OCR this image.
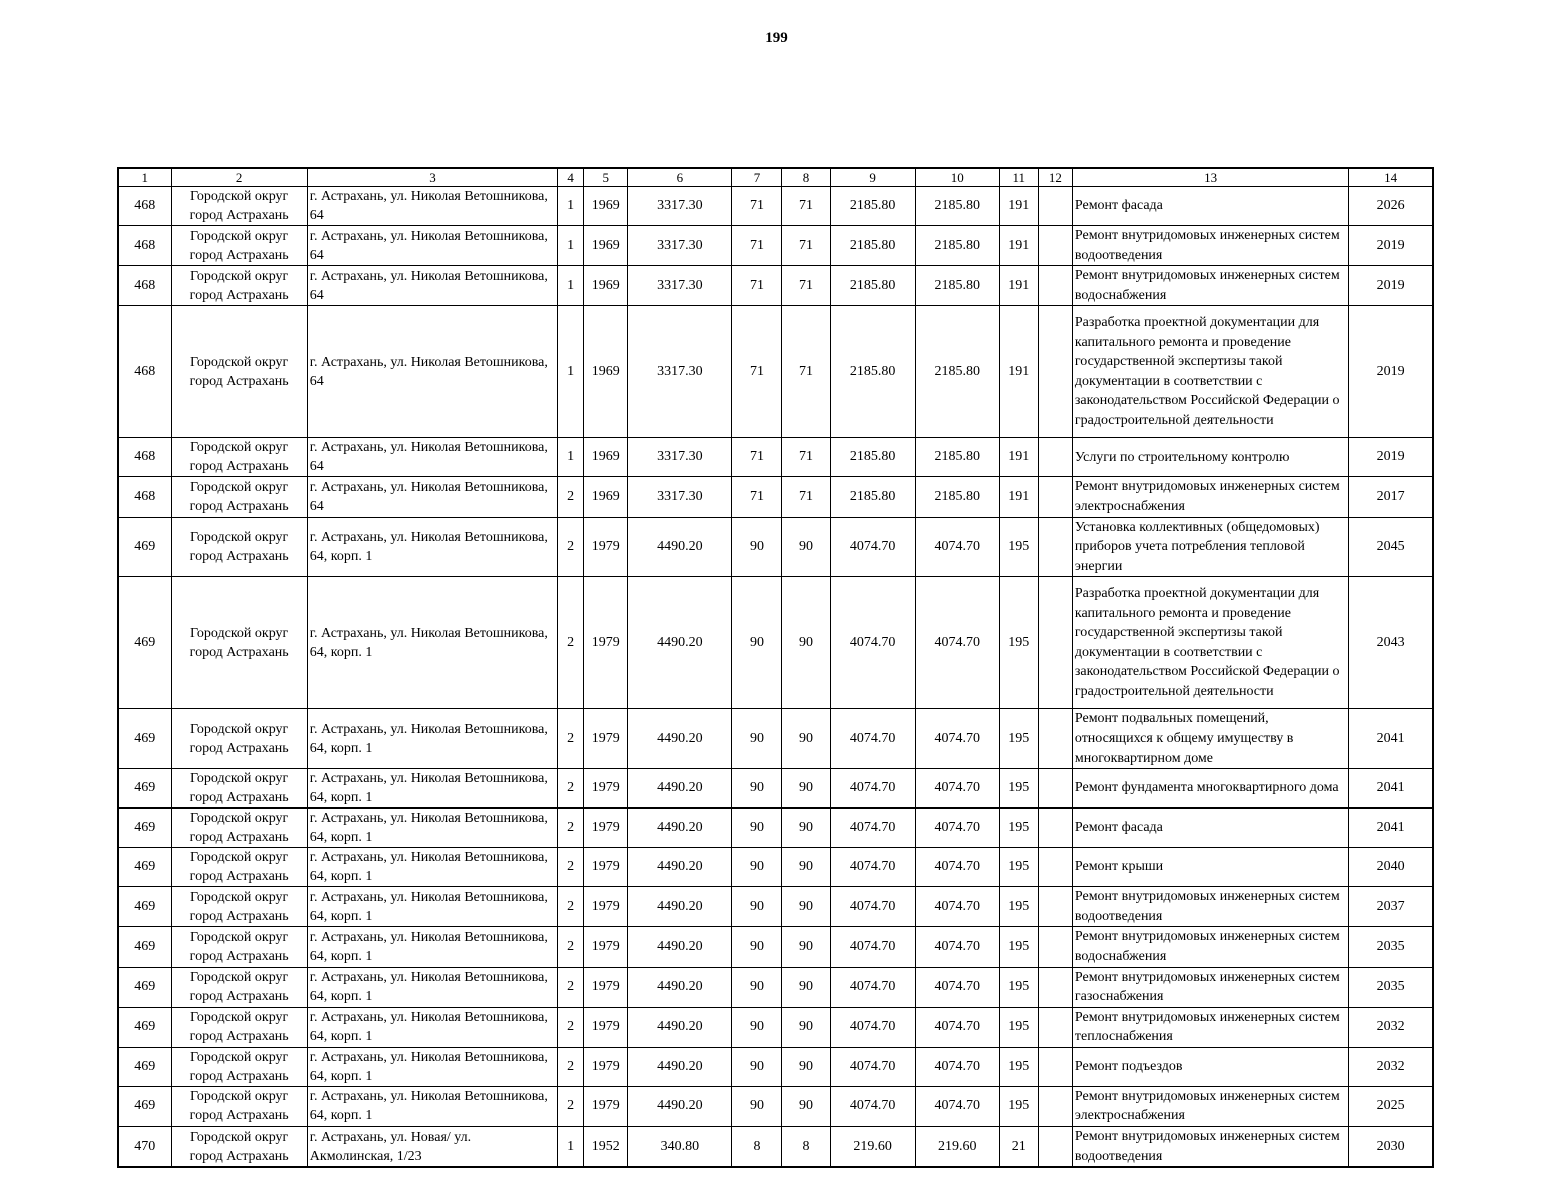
199
1	2	3	4	5	6	7	8	9	10	11	12	13	14
468	Городской округ город Астрахань	г. Астрахань, ул. Николая Ветошникова, 64	1	1969	3317.30	71	71	2185.80	2185.80	191		Ремонт фасада	2026
468	Городской округ город Астрахань	г. Астрахань, ул. Николая Ветошникова, 64	1	1969	3317.30	71	71	2185.80	2185.80	191		Ремонт внутридомовых инженерных систем водоотведения	2019
468	Городской округ город Астрахань	г. Астрахань, ул. Николая Ветошникова, 64	1	1969	3317.30	71	71	2185.80	2185.80	191		Ремонт внутридомовых инженерных систем водоснабжения	2019
468	Городской округ город Астрахань	г. Астрахань, ул. Николая Ветошникова, 64	1	1969	3317.30	71	71	2185.80	2185.80	191		Разработка проектной документации для капитального ремонта и проведение государственной экспертизы такой документации в соответствии с законодательством Российской Федерации о градостроительной деятельности	2019
468	Городской округ город Астрахань	г. Астрахань, ул. Николая Ветошникова, 64	1	1969	3317.30	71	71	2185.80	2185.80	191		Услуги по строительному контролю	2019
468	Городской округ город Астрахань	г. Астрахань, ул. Николая Ветошникова, 64	2	1969	3317.30	71	71	2185.80	2185.80	191		Ремонт внутридомовых инженерных систем электроснабжения	2017
469	Городской округ город Астрахань	г. Астрахань, ул. Николая Ветошникова, 64, корп. 1	2	1979	4490.20	90	90	4074.70	4074.70	195		Установка коллективных (общедомовых) приборов учета потребления тепловой энергии	2045
469	Городской округ город Астрахань	г. Астрахань, ул. Николая Ветошникова, 64, корп. 1	2	1979	4490.20	90	90	4074.70	4074.70	195		Разработка проектной документации для капитального ремонта и проведение государственной экспертизы такой документации в соответствии с законодательством Российской Федерации о градостроительной деятельности	2043
469	Городской округ город Астрахань	г. Астрахань, ул. Николая Ветошникова, 64, корп. 1	2	1979	4490.20	90	90	4074.70	4074.70	195		Ремонт подвальных помещений, относящихся к общему имуществу в многоквартирном доме	2041
469	Городской округ город Астрахань	г. Астрахань, ул. Николая Ветошникова, 64, корп. 1	2	1979	4490.20	90	90	4074.70	4074.70	195		Ремонт фундамента многоквартирного дома	2041
469	Городской округ город Астрахань	г. Астрахань, ул. Николая Ветошникова, 64, корп. 1	2	1979	4490.20	90	90	4074.70	4074.70	195		Ремонт фасада	2041
469	Городской округ город Астрахань	г. Астрахань, ул. Николая Ветошникова, 64, корп. 1	2	1979	4490.20	90	90	4074.70	4074.70	195		Ремонт крыши	2040
469	Городской округ город Астрахань	г. Астрахань, ул. Николая Ветошникова, 64, корп. 1	2	1979	4490.20	90	90	4074.70	4074.70	195		Ремонт внутридомовых инженерных систем водоотведения	2037
469	Городской округ город Астрахань	г. Астрахань, ул. Николая Ветошникова, 64, корп. 1	2	1979	4490.20	90	90	4074.70	4074.70	195		Ремонт внутридомовых инженерных систем водоснабжения	2035
469	Городской округ город Астрахань	г. Астрахань, ул. Николая Ветошникова, 64, корп. 1	2	1979	4490.20	90	90	4074.70	4074.70	195		Ремонт внутридомовых инженерных систем газоснабжения	2035
469	Городской округ город Астрахань	г. Астрахань, ул. Николая Ветошникова, 64, корп. 1	2	1979	4490.20	90	90	4074.70	4074.70	195		Ремонт внутридомовых инженерных систем теплоснабжения	2032
469	Городской округ город Астрахань	г. Астрахань, ул. Николая Ветошникова, 64, корп. 1	2	1979	4490.20	90	90	4074.70	4074.70	195		Ремонт подъездов	2032
469	Городской округ город Астрахань	г. Астрахань, ул. Николая Ветошникова, 64, корп. 1	2	1979	4490.20	90	90	4074.70	4074.70	195		Ремонт внутридомовых инженерных систем электроснабжения	2025
470	Городской округ город Астрахань	г. Астрахань, ул. Новая/ ул. Акмолинская, 1/23	1	1952	340.80	8	8	219.60	219.60	21		Ремонт внутридомовых инженерных систем водоотведения	2030
